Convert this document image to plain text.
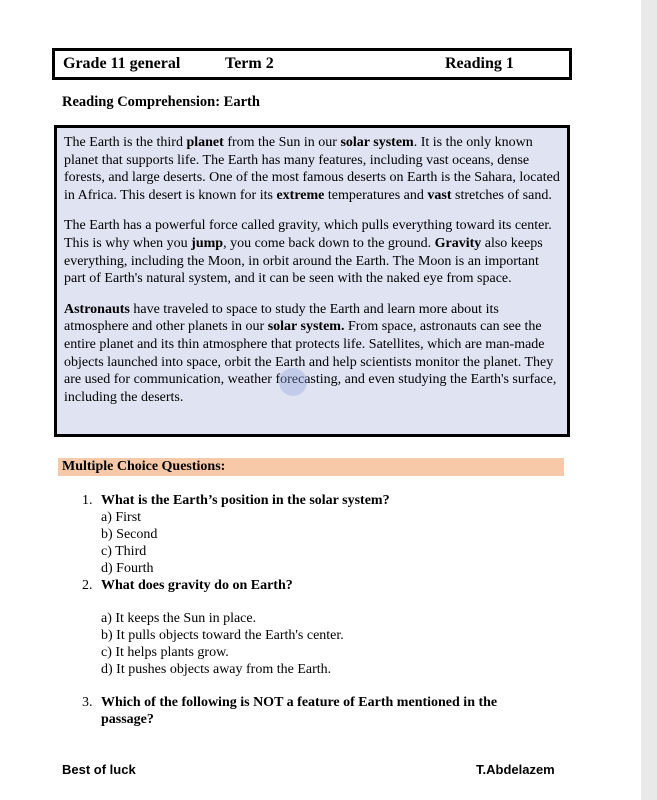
Grade 11 general	Term 2	Reading 1
Reading Comprehension: Earth

The Earth is the third planet from the Sun in our solar system. It is the only known planet that supports life. The Earth has many features, including vast oceans, dense forests, and large deserts. One of the most famous deserts on Earth is the Sahara, located in Africa. This desert is known for its extreme temperatures and vast stretches of sand.

The Earth has a powerful force called gravity, which pulls everything toward its center. This is why when you jump, you come back down to the ground. Gravity also keeps everything, including the Moon, in orbit around the Earth. The Moon is an important part of Earth's natural system, and it can be seen with the naked eye from space.

Astronauts have traveled to space to study the Earth and learn more about its atmosphere and other planets in our solar system. From space, astronauts can see the entire planet and its thin atmosphere that protects life. Satellites, which are man-made objects launched into space, orbit the Earth and help scientists monitor the planet. They are used for communication, weather forecasting, and even studying the Earth's surface, including the deserts.

Multiple Choice Questions:
1. What is the Earth’s position in the solar system?
a) First
b) Second
c) Third
d) Fourth
2. What does gravity do on Earth?
a) It keeps the Sun in place.
b) It pulls objects toward the Earth's center.
c) It helps plants grow.
d) It pushes objects away from the Earth.
3. Which of the following is NOT a feature of Earth mentioned in the passage?
Best of luck	T.Abdelazem
